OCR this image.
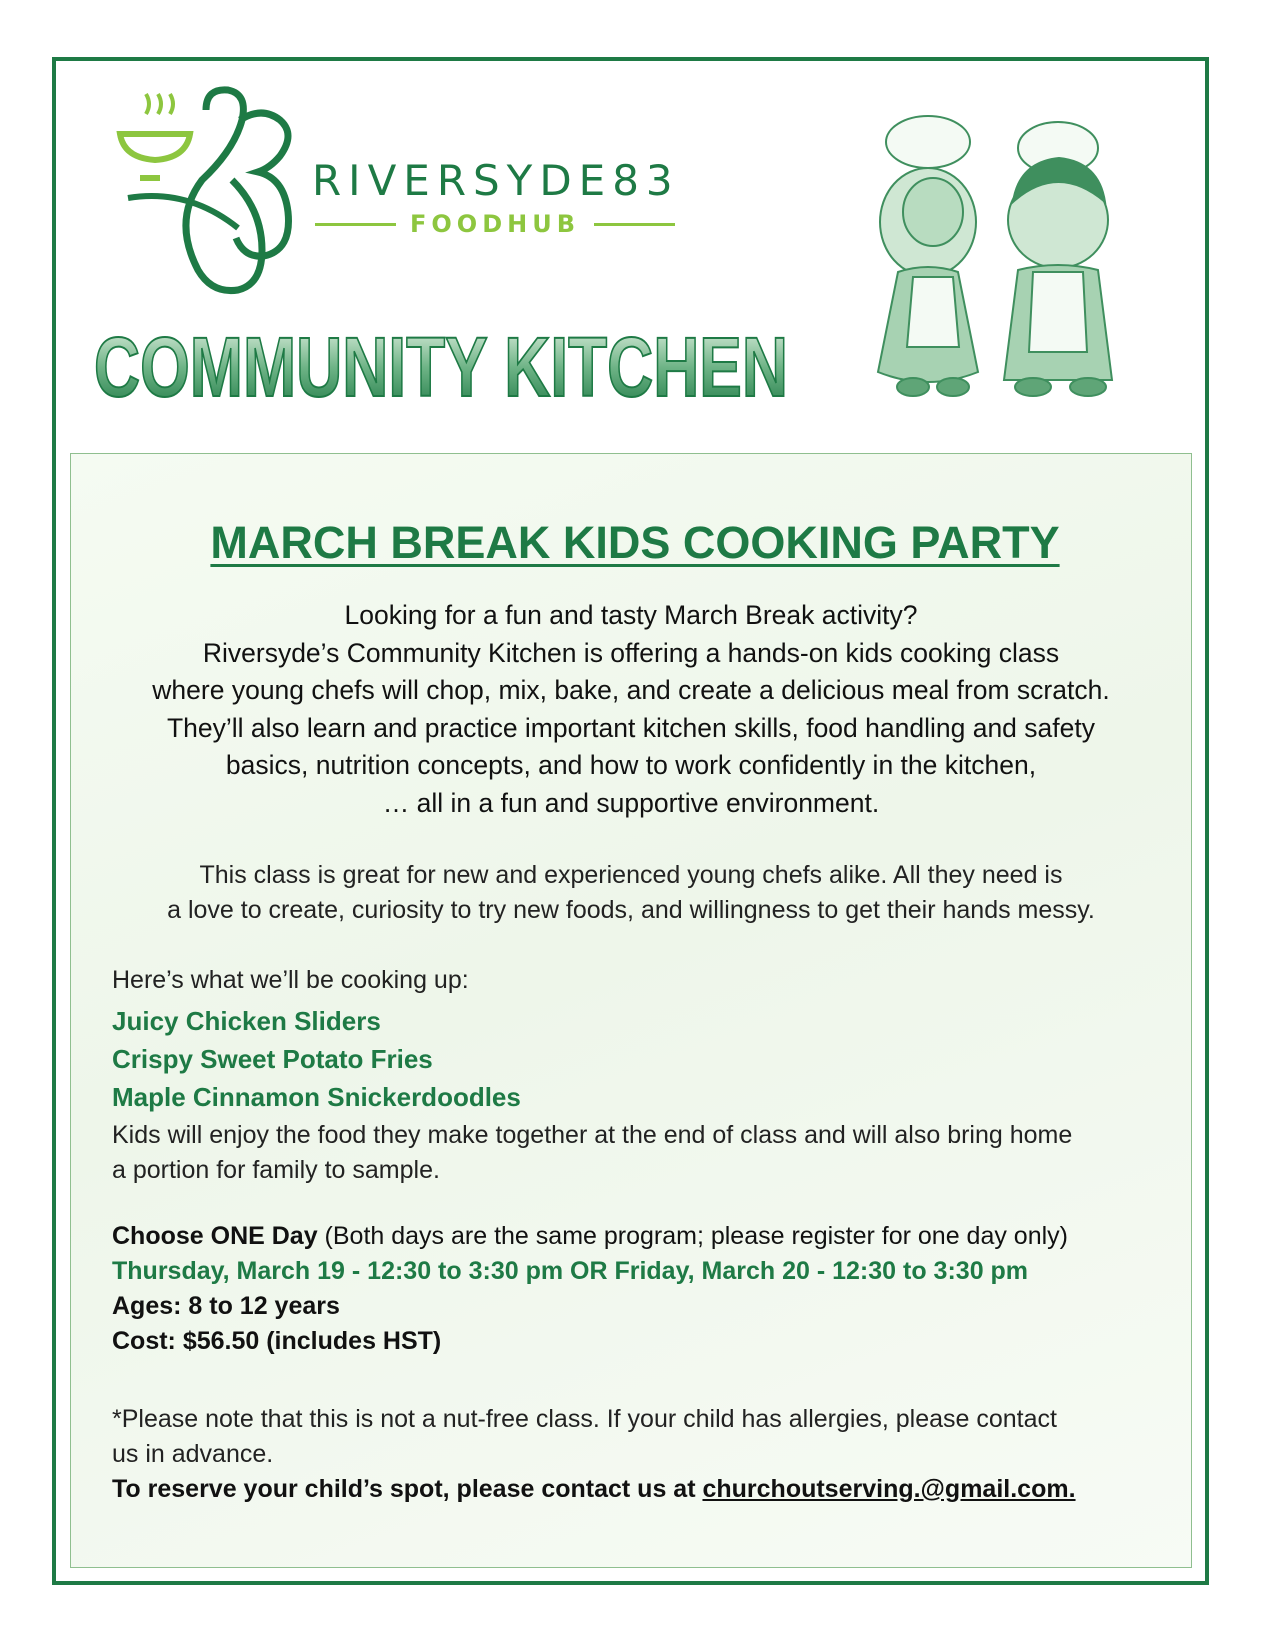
RIVERSYDE83
FOODHUB
COMMUNITY KITCHEN
MARCH BREAK KIDS COOKING PARTY
Looking for a fun and tasty March Break activity?
Riversyde’s Community Kitchen is offering a hands-on kids cooking class
where young chefs will chop, mix, bake, and create a delicious meal from scratch.
They’ll also learn and practice important kitchen skills, food handling and safety
basics, nutrition concepts, and how to work confidently in the kitchen,
… all in a fun and supportive environment.
This class is great for new and experienced young chefs alike. All they need is
a love to create, curiosity to try new foods, and willingness to get their hands messy.
Here’s what we’ll be cooking up:
Juicy Chicken Sliders
Crispy Sweet Potato Fries
Maple Cinnamon Snickerdoodles
Kids will enjoy the food they make together at the end of class and will also bring home
a portion for family to sample.
Choose ONE Day (Both days are the same program; please register for one day only)
Thursday, March 19 - 12:30 to 3:30 pm OR Friday, March 20 - 12:30 to 3:30 pm
Ages: 8 to 12 years
Cost: $56.50 (includes HST)
*Please note that this is not a nut-free class. If your child has allergies, please contact
us in advance.
To reserve your child’s spot, please contact us at churchoutserving.@gmail.com.
